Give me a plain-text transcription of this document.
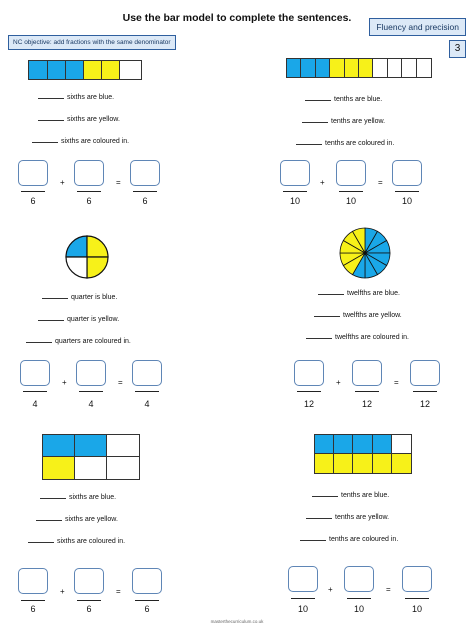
Use the bar model to complete the sentences.
Fluency and precision
3
NC objective: add fractions with the same denominator
sixths are blue.
sixths are yellow.
sixths are coloured in.
tenths are blue.
tenths are yellow.
tenths are coloured in.
6
+
6
=
6	10
+
10
=
10
quarter is blue.
quarter is yellow.
quarters are coloured in.
twelfths are blue.
twelfths are yellow.
twelfths are coloured in.
4
+
4
=
4	12
+
12
=
12
sixths are blue.
sixths are yellow.
sixths are coloured in.
tenths are blue.
tenths are yellow.
tenths are coloured in.
6
+
6
=
6	10
+
10
=
10
masterthecurriculum.co.uk
